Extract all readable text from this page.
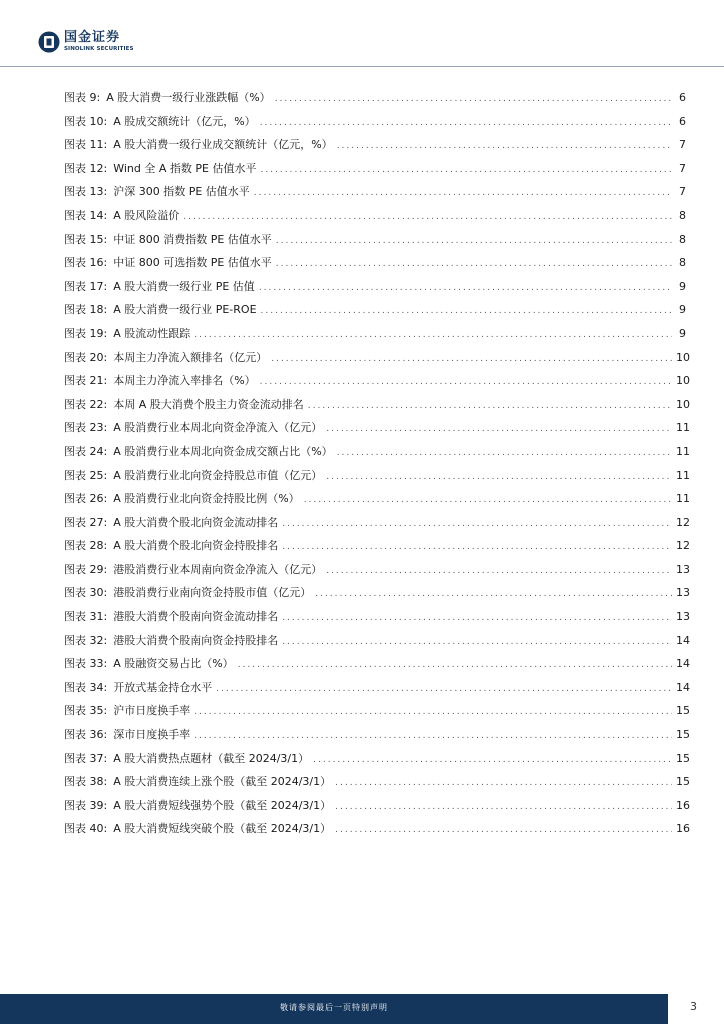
国金证券
SINOLINK SECURITIES
图表 9: A 股大消费一级行业涨跌幅（%） .....	6
图表 10: A 股成交额统计（亿元，%） .....	6
图表 11: A 股大消费一级行业成交额统计（亿元，%） .....	7
图表 12: Wind 全 A 指数 PE 估值水平 .....	7
图表 13: 沪深 300 指数 PE 估值水平 .....	7
图表 14: A 股风险溢价 .....	8
图表 15: 中证 800 消费指数 PE 估值水平 .....	8
图表 16: 中证 800 可选指数 PE 估值水平 .....	8
图表 17: A 股大消费一级行业 PE 估值 .....	9
图表 18: A 股大消费一级行业 PE-ROE .....	9
图表 19: A 股流动性跟踪 .....	9
图表 20: 本周主力净流入额排名（亿元） .....	10
图表 21: 本周主力净流入率排名（%） .....	10
图表 22: 本周 A 股大消费个股主力资金流动排名 .....	10
图表 23: A 股消费行业本周北向资金净流入（亿元） .....	11
图表 24: A 股消费行业本周北向资金成交额占比（%） .....	11
图表 25: A 股消费行业北向资金持股总市值（亿元） .....	11
图表 26: A 股消费行业北向资金持股比例（%） .....	11
图表 27: A 股大消费个股北向资金流动排名 .....	12
图表 28: A 股大消费个股北向资金持股排名 .....	12
图表 29: 港股消费行业本周南向资金净流入（亿元） .....	13
图表 30: 港股消费行业南向资金持股市值（亿元） .....	13
图表 31: 港股大消费个股南向资金流动排名 .....	13
图表 32: 港股大消费个股南向资金持股排名 .....	14
图表 33: A 股融资交易占比（%） .....	14
图表 34: 开放式基金持仓水平 .....	14
图表 35: 沪市日度换手率 .....	15
图表 36: 深市日度换手率 .....	15
图表 37: A 股大消费热点题材（截至 2024/3/1） .....	15
图表 38: A 股大消费连续上涨个股（截至 2024/3/1） .....	15
图表 39: A 股大消费短线强势个股（截至 2024/3/1） .....	16
图表 40: A 股大消费短线突破个股（截至 2024/3/1） .....	16
敬请参阅最后一页特别声明	3
